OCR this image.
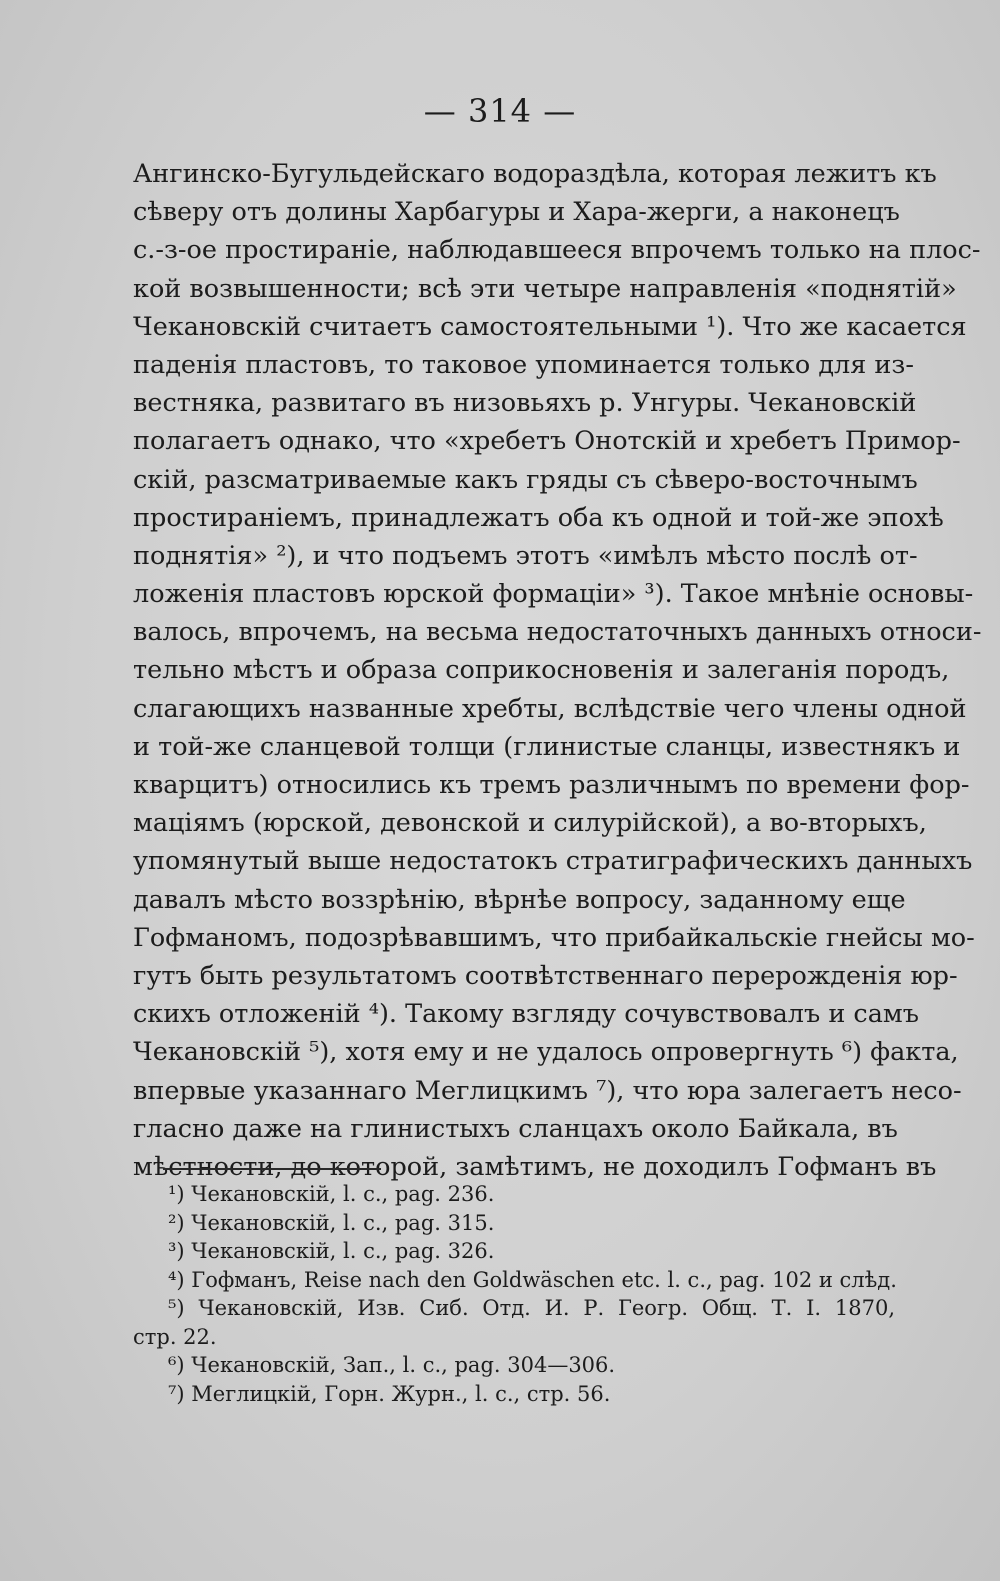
— 314 —
Ангинско-Бугульдейскаго водораздѣла, которая лежитъ къ
сѣверу отъ долины Харбагуры и Хара-жерги, а наконецъ
с.-з-ое простираніе, наблюдавшееся впрочемъ только на плос-
кой возвышенности; всѣ эти четыре направленія «поднятій»
Чекановскій считаетъ самостоятельными ¹). Что же касается
паденія пластовъ, то таковое упоминается только для из-
вестняка, развитаго въ низовьяхъ р. Унгуры. Чекановскій
полагаетъ однако, что «хребетъ Онотскій и хребетъ Примор-
скій, разсматриваемые какъ гряды съ сѣверо-восточнымъ
простираніемъ, принадлежатъ оба къ одной и той-же эпохѣ
поднятія» ²), и что подъемъ этотъ «имѣлъ мѣсто послѣ от-
ложенія пластовъ юрской формаціи» ³). Такое мнѣніе основы-
валось, впрочемъ, на весьма недостаточныхъ данныхъ относи-
тельно мѣстъ и образа соприкосновенія и залеганія породъ,
слагающихъ названные хребты, вслѣдствіе чего члены одной
и той-же сланцевой толщи (глинистые сланцы, известнякъ и
кварцитъ) относились къ тремъ различнымъ по времени фор-
маціямъ (юрской, девонской и силурійской), а во-вторыхъ,
упомянутый выше недостатокъ стратиграфическихъ данныхъ
давалъ мѣсто воззрѣнію, вѣрнѣе вопросу, заданному еще
Гофманомъ, подозрѣвавшимъ, что прибайкальскіе гнейсы мо-
гутъ быть результатомъ соотвѣтственнаго перерожденія юр-
скихъ отложеній ⁴). Такому взгляду сочувствовалъ и самъ
Чекановскій ⁵), хотя ему и не удалось опровергнуть ⁶) факта,
впервые указаннаго Меглицкимъ ⁷), что юра залегаетъ несо-
гласно даже на глинистыхъ сланцахъ около Байкала, въ
мѣстности, до которой, замѣтимъ, не доходилъ Гофманъ въ
¹) Чекановскій, l. c., pag. 236.
²) Чекановскій, l. c., pag. 315.
³) Чекановскій, l. c., pag. 326.
⁴) Гофманъ, Reise nach den Goldwäschen etc. l. c., pag. 102 и слѣд.
⁵) Чекановскій, Изв. Сиб. Отд. И. Р. Геогр. Общ. Т. I. 1870,
стр. 22.
⁶) Чекановскій, Зап., l. c., pag. 304—306.
⁷) Меглицкій, Горн. Журн., l. c., стр. 56.
